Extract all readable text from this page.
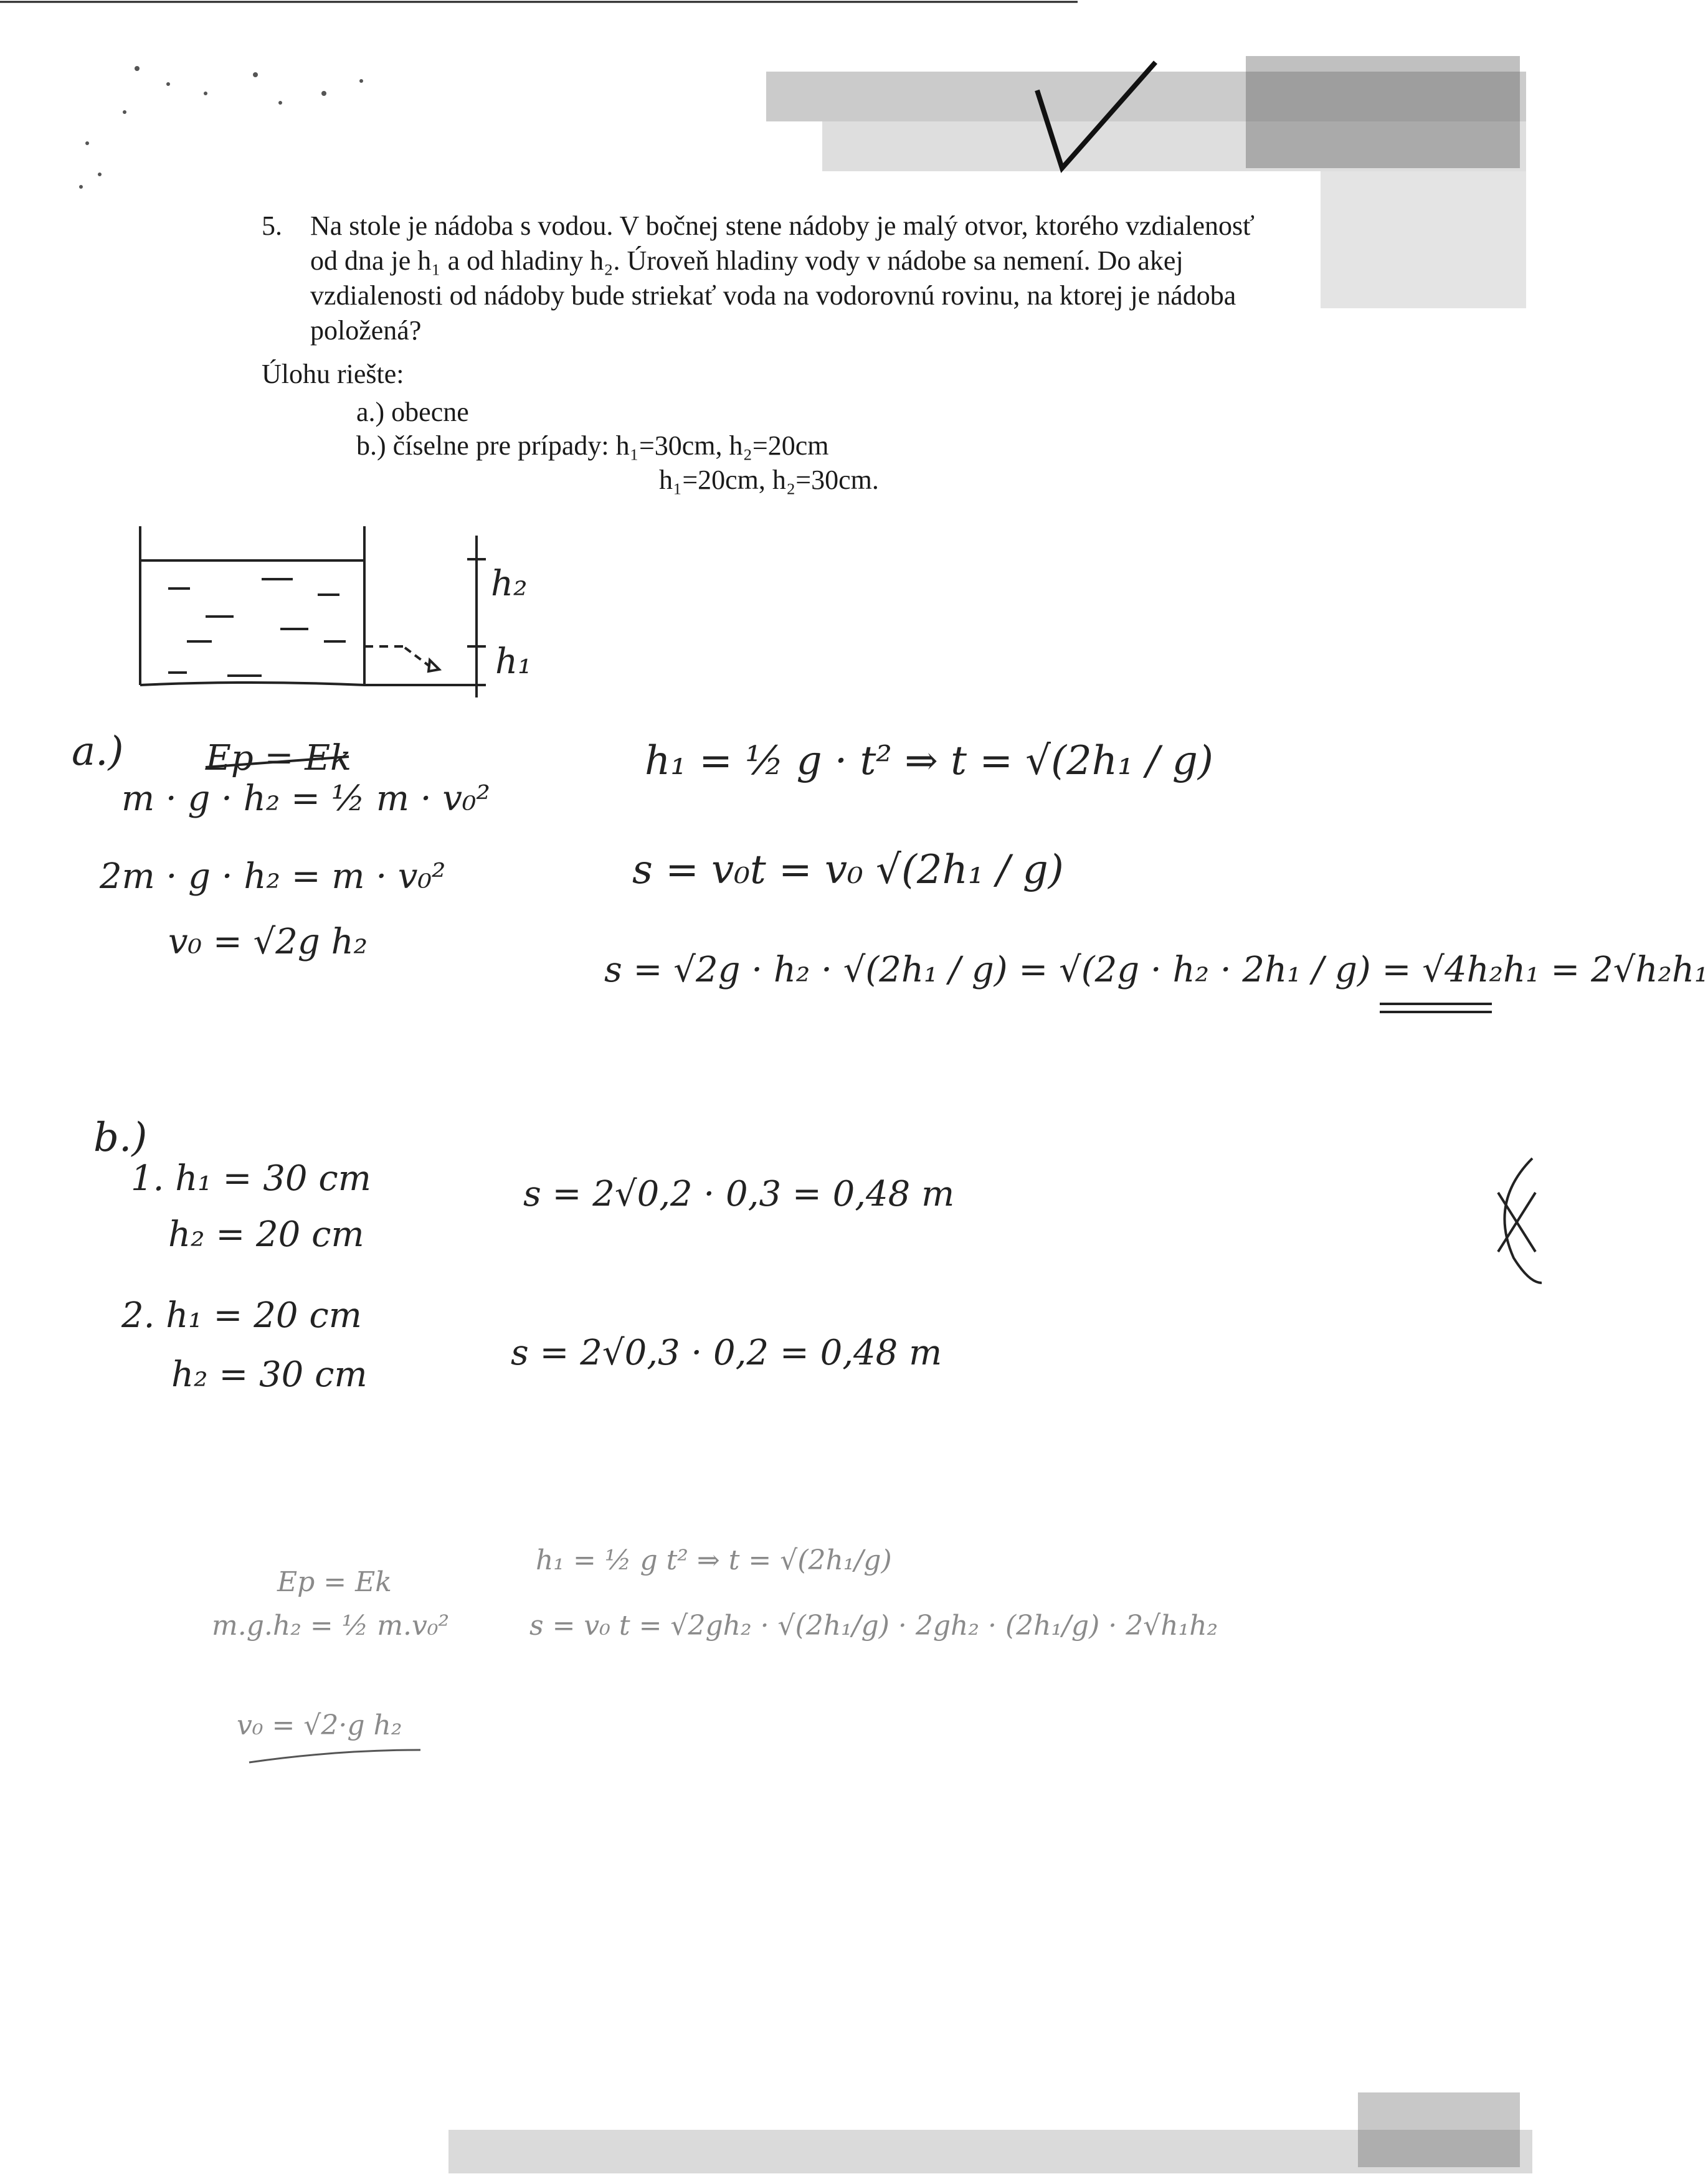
5. Na stole je nádoba s vodou. V bočnej stene nádoby je malý otvor, ktorého vzdialenosť
od dna je h₁ a od hladiny h₂. Úroveň hladiny vody v nádobe sa nemení. Do akej
vzdialenosti od nádoby bude striekať voda na vodorovnú rovinu, na ktorej je nádoba
položená?
Úlohu riešte:
a.) obecne
b.) číselne pre prípady: h₁=30cm, h₂=20cm
h₁=20cm, h₂=30cm.
h₂
h₁
a.) Ep = Ek
m · g · h₂ = ½ m · v₀²
2m · g · h₂ = m · v₀²
v₀ = √2g h₂
h₁ = ½ g · t² ⇒ t = √(2h₁ / g)
s = v₀t = v₀ √(2h₁ / g)
s = √2g · h₂ · √(2h₁ / g) = √(2g · h₂ · 2h₁ / g) = √4h₂h₁ = 2√h₂h₁
b.)
1. h₁ = 30 cm
h₂ = 20 cm
s = 2√0,2 · 0,3 = 0,48 m
2. h₁ = 20 cm
h₂ = 30 cm
s = 2√0,3 · 0,2 = 0,48 m
Ep = Ek
h₁ = ½ g t² ⇒ t = √(2h₁/g)
m.g.h₂ = ½ m.v₀²	s = v₀ t = √2gh₂ · √(2h₁/g) · 2gh₂ · (2h₁/g) · 2√h₁h₂
v₀ = √2·g h₂
